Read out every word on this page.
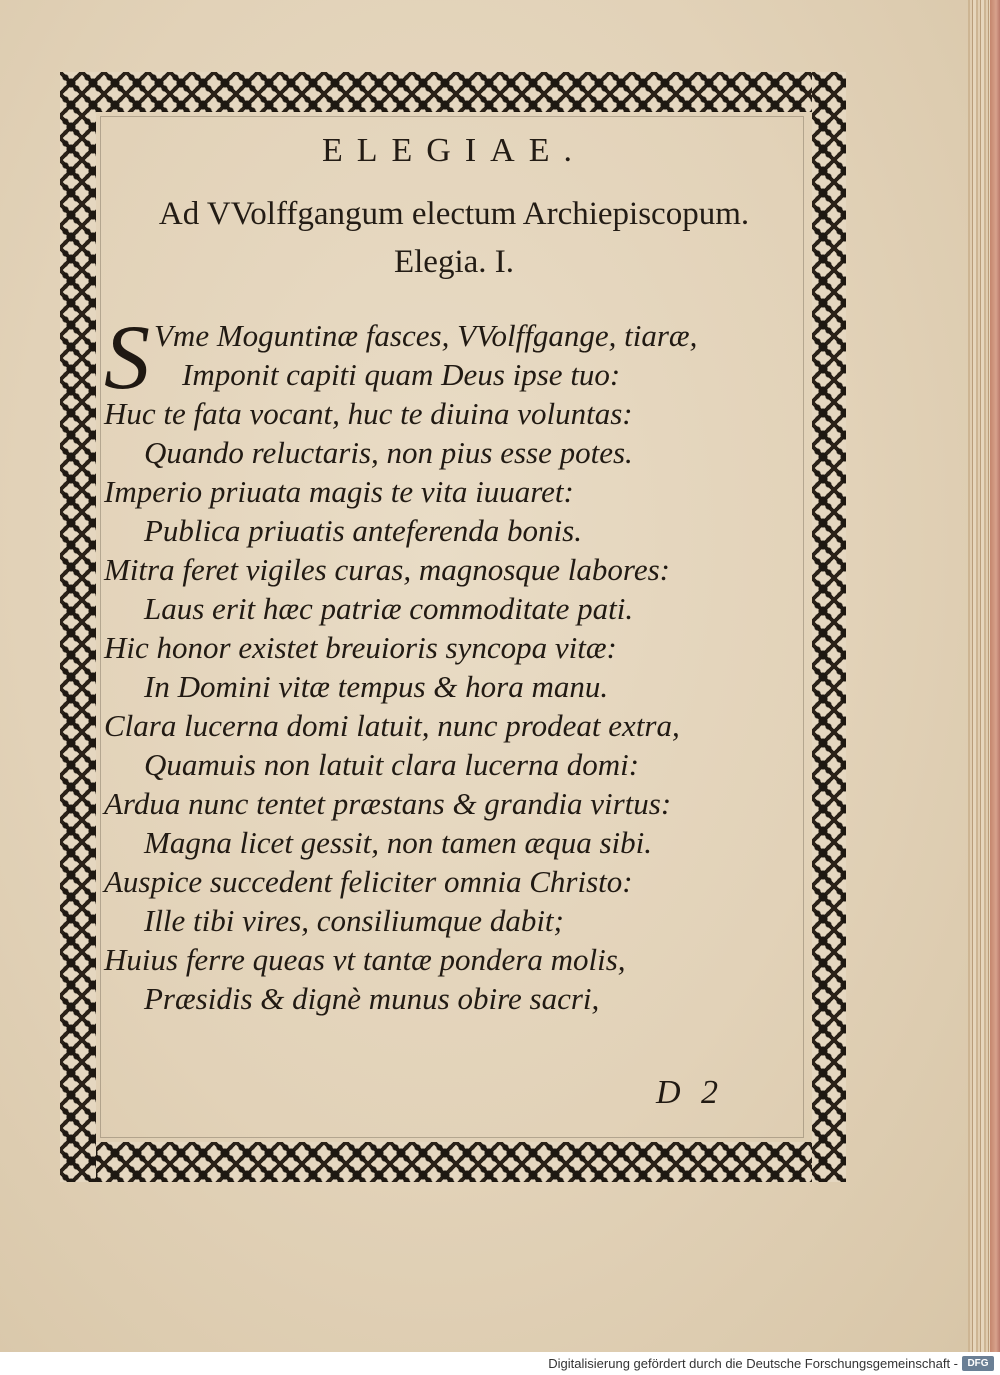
ELEGIAE.
Ad VVolffgangum electum Archiepiscopum.
Elegia. I.
S Vme Moguntinæ fasces, VVolffgange, tiaræ,
Imponit capiti quam Deus ipse tuo:
Huc te fata vocant, huc te diuina voluntas:
Quando reluctaris, non pius esse potes.
Imperio priuata magis te vita iuuaret:
Publica priuatis anteferenda bonis.
Mitra feret vigiles curas, magnosque labores:
Laus erit hæc patriæ commoditate pati.
Hic honor existet breuioris syncopa vitæ:
In Domini vitæ tempus & hora manu.
Clara lucerna domi latuit, nunc prodeat extra,
Quamuis non latuit clara lucerna domi:
Ardua nunc tentet præstans & grandia virtus:
Magna licet gessit, non tamen æqua sibi.
Auspice succedent feliciter omnia Christo:
Ille tibi vires, consiliumque dabit;
Huius ferre queas vt tantæ pondera molis,
Præsidis & dignè munus obire sacri,
D 2
Digitalisierung gefördert durch die Deutsche Forschungsgemeinschaft - DFG
